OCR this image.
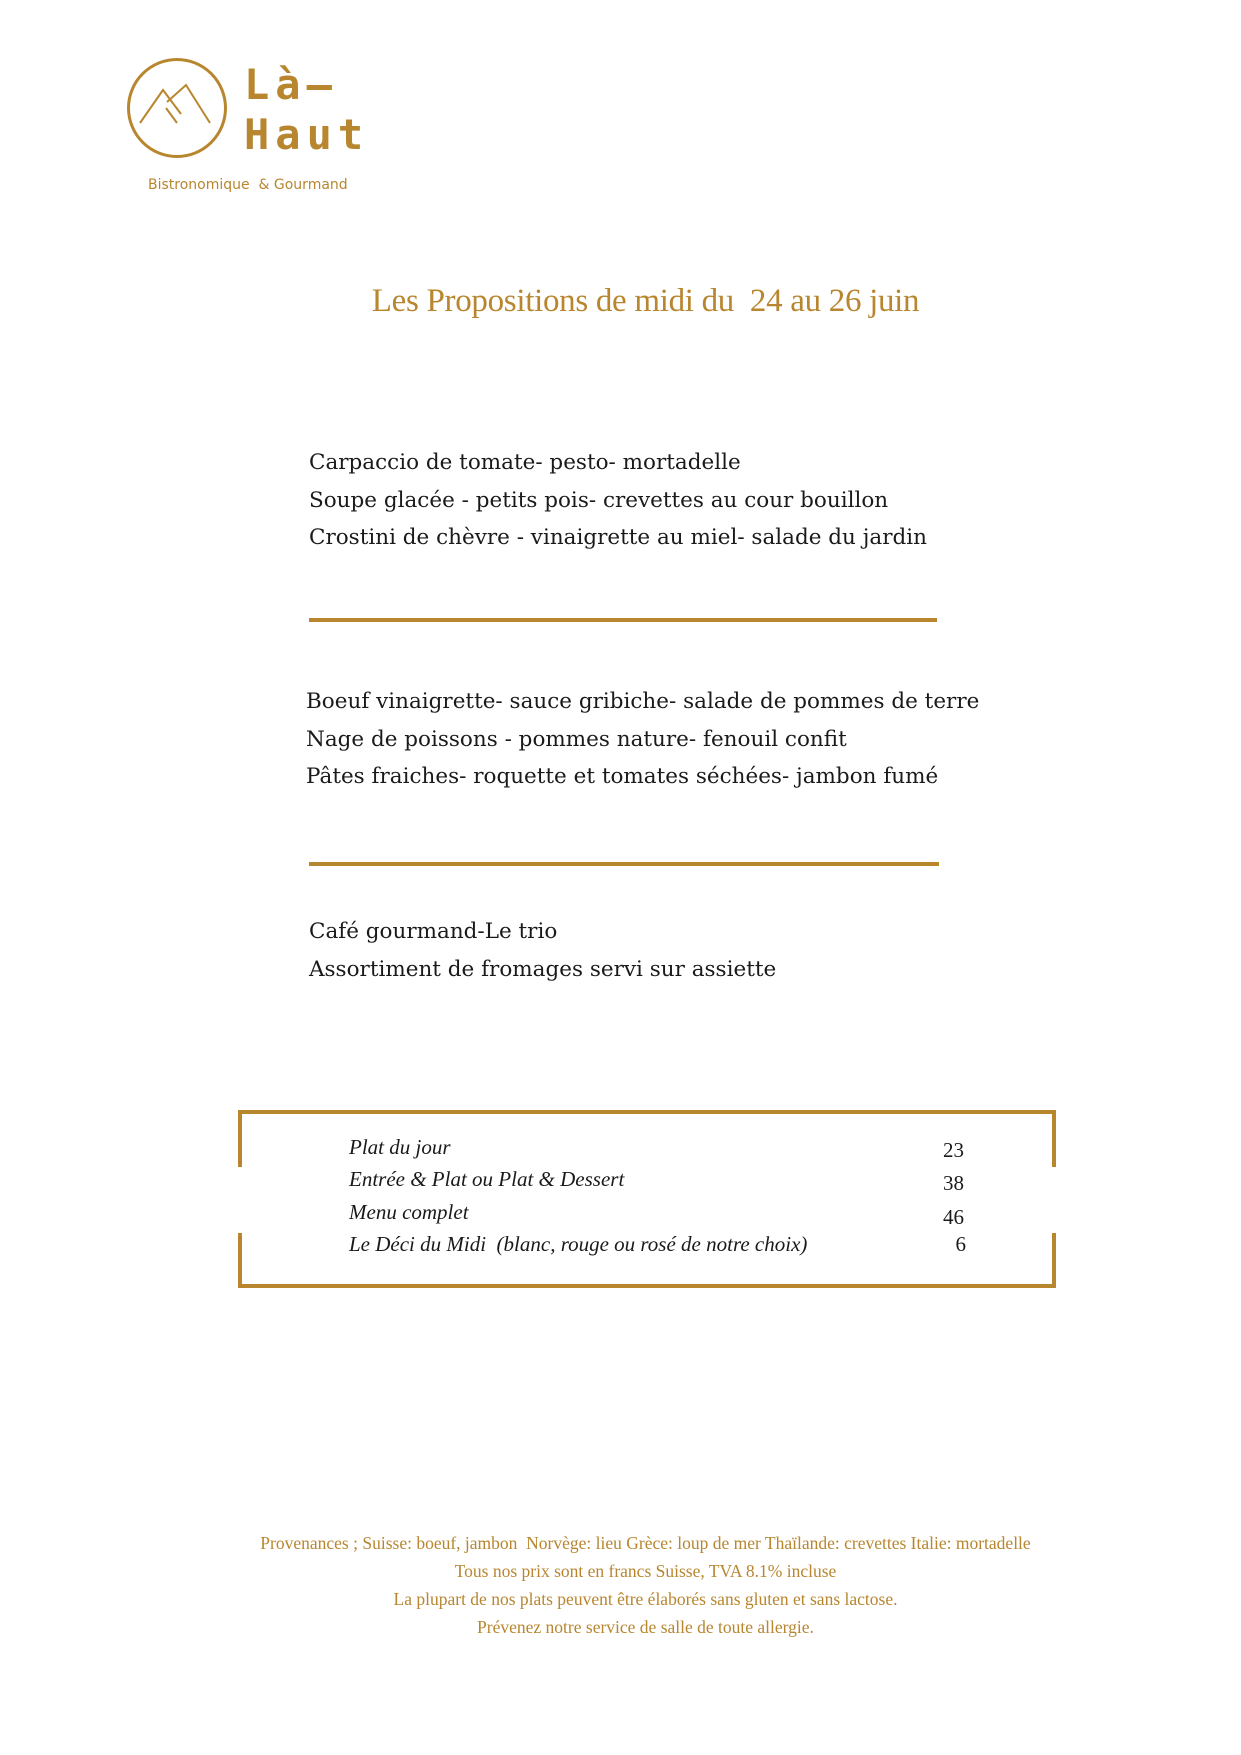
Là—
Haut
Bistronomique  & Gourmand
Les Propositions de midi du  24 au 26 juin
Carpaccio de tomate- pesto- mortadelle
Soupe glacée - petits pois- crevettes au cour bouillon
Crostini de chèvre - vinaigrette au miel- salade du jardin
Boeuf vinaigrette- sauce gribiche- salade de pommes de terre
Nage de poissons - pommes nature- fenouil confit
Pâtes fraiches- roquette et tomates séchées- jambon fumé
Café gourmand-Le trio
Assortiment de fromages servi sur assiette
Plat du jour	23
Entrée & Plat ou Plat & Dessert	38
Menu complet	46
Le Déci du Midi  (blanc, rouge ou rosé de notre choix)	6
Provenances ; Suisse: boeuf, jambon  Norvège: lieu Grèce: loup de mer Thaïlande: crevettes Italie: mortadelle
Tous nos prix sont en francs Suisse, TVA 8.1% incluse
La plupart de nos plats peuvent être élaborés sans gluten et sans lactose.
Prévenez notre service de salle de toute allergie.
